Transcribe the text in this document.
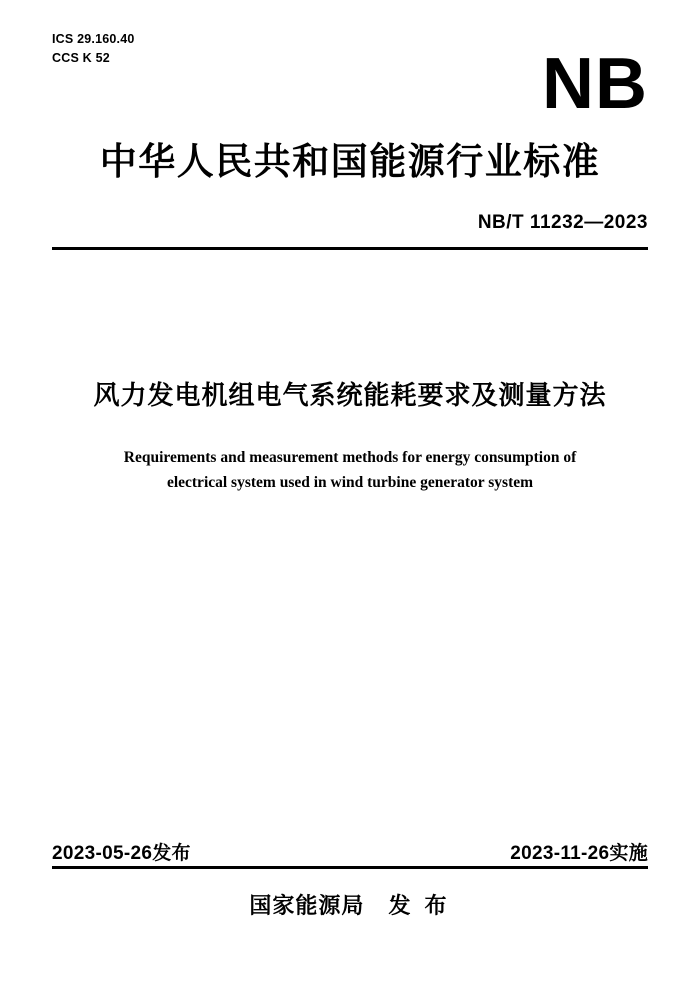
ICS 29.160.40
CCS K 52	NB
中华人民共和国能源行业标准
NB/T 11232—2023
风力发电机组电气系统能耗要求及测量方法
Requirements and measurement methods for energy consumption of
electrical system used in wind turbine generator system
2023-05-26发布	2023-11-26实施
国家能源局 发 布
